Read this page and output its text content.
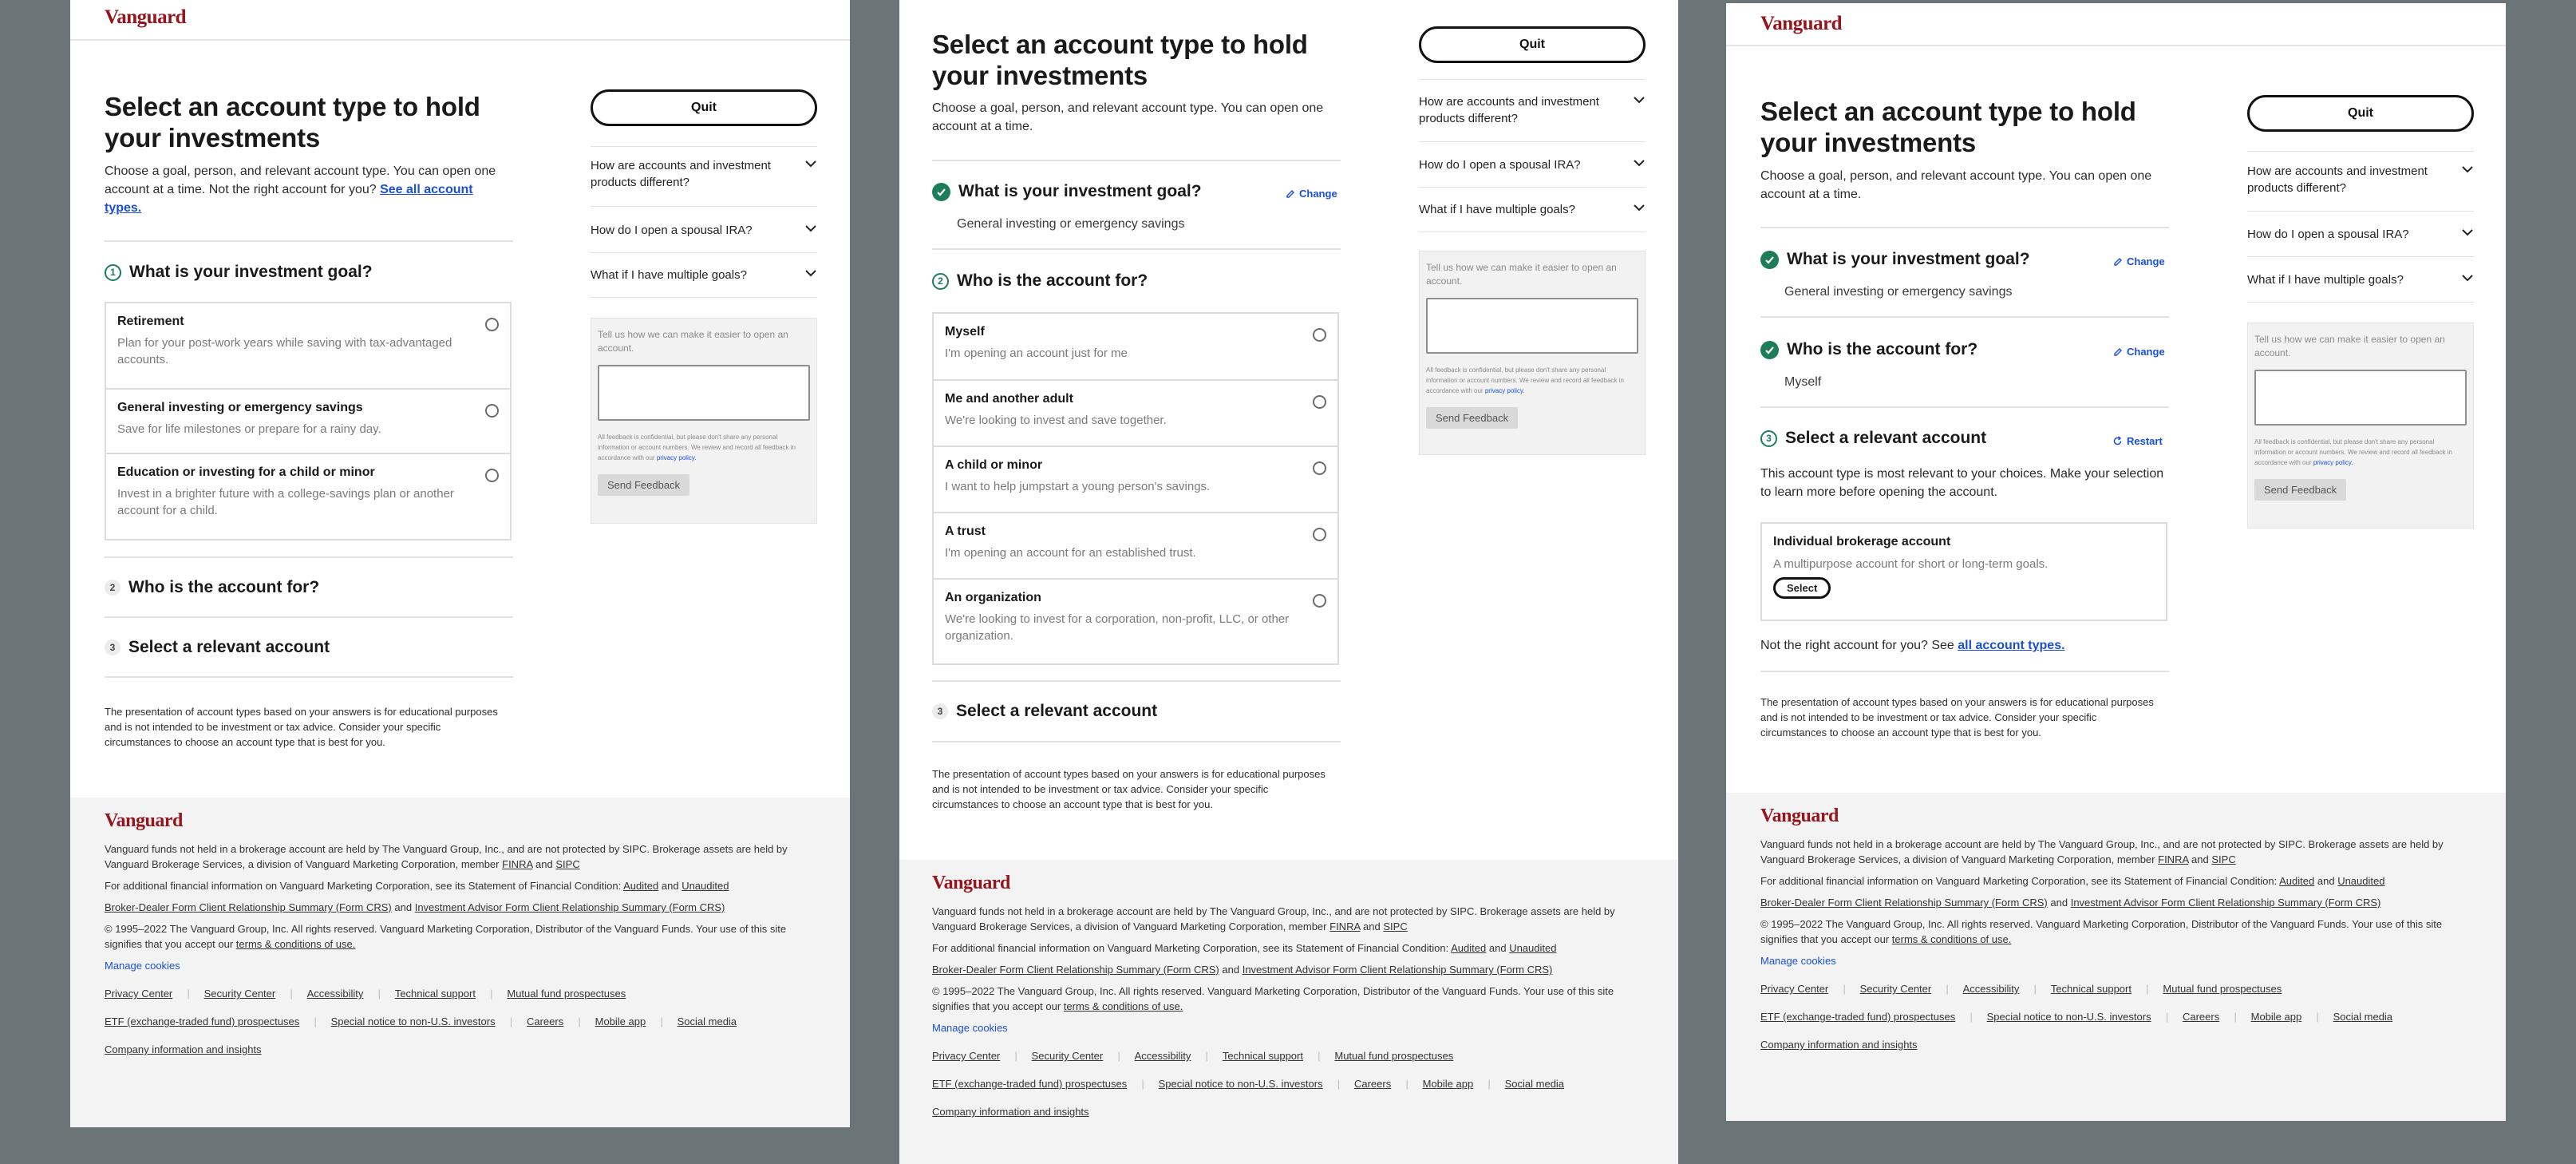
Vanguard
Select an account type to hold your investments
Choose a goal, person, and relevant account type. You can open one account at a time. Not the right account for you? See all account types.
1 What is your investment goal?
Retirement
Plan for your post-work years while saving with tax-advantaged accounts.
General investing or emergency savings
Save for life milestones or prepare for a rainy day.
Education or investing for a child or minor
Invest in a brighter future with a college-savings plan or another account for a child.
2 Who is the account for?
3 Select a relevant account
The presentation of account types based on your answers is for educational purposes and is not intended to be investment or tax advice. Consider your specific circumstances to choose an account type that is best for you.
Quit
How are accounts and investment products different?
How do I open a spousal IRA?
What if I have multiple goals?
Tell us how we can make it easier to open an account.
All feedback is confidential, but please don't share any personal information or account numbers. We review and record all feedback in accordance with our privacy policy.
Send Feedback
Vanguard
Vanguard funds not held in a brokerage account are held by The Vanguard Group, Inc., and are not protected by SIPC. Brokerage assets are held by Vanguard Brokerage Services, a division of Vanguard Marketing Corporation, member FINRA and SIPC
For additional financial information on Vanguard Marketing Corporation, see its Statement of Financial Condition: Audited and Unaudited
Broker-Dealer Form Client Relationship Summary (Form CRS) and Investment Advisor Form Client Relationship Summary (Form CRS)
© 1995–2022 The Vanguard Group, Inc. All rights reserved. Vanguard Marketing Corporation, Distributor of the Vanguard Funds. Your use of this site signifies that you accept our terms & conditions of use.
Manage cookies
Privacy Center	|	Security Center	|	Accessibility	|	Technical support	|	Mutual fund prospectuses
ETF (exchange-traded fund) prospectuses	|	Special notice to non-U.S. investors	|	Careers	|	Mobile app	|	Social media
Company information and insights
Select an account type to hold your investments
Choose a goal, person, and relevant account type. You can open one account at a time.
What is your investment goal?	Change
General investing or emergency savings
2 Who is the account for?
Myself
I'm opening an account just for me
Me and another adult
We're looking to invest and save together.
A child or minor
I want to help jumpstart a young person's savings.
A trust
I'm opening an account for an established trust.
An organization
We're looking to invest for a corporation, non-profit, LLC, or other organization.
3 Select a relevant account
The presentation of account types based on your answers is for educational purposes and is not intended to be investment or tax advice. Consider your specific circumstances to choose an account type that is best for you.
Quit
How are accounts and investment products different?
How do I open a spousal IRA?
What if I have multiple goals?
Tell us how we can make it easier to open an account.
All feedback is confidential, but please don't share any personal information or account numbers. We review and record all feedback in accordance with our privacy policy.
Send Feedback
Vanguard
Vanguard funds not held in a brokerage account are held by The Vanguard Group, Inc., and are not protected by SIPC. Brokerage assets are held by Vanguard Brokerage Services, a division of Vanguard Marketing Corporation, member FINRA and SIPC
For additional financial information on Vanguard Marketing Corporation, see its Statement of Financial Condition: Audited and Unaudited
Broker-Dealer Form Client Relationship Summary (Form CRS) and Investment Advisor Form Client Relationship Summary (Form CRS)
© 1995–2022 The Vanguard Group, Inc. All rights reserved. Vanguard Marketing Corporation, Distributor of the Vanguard Funds. Your use of this site signifies that you accept our terms & conditions of use.
Manage cookies
Privacy Center	|	Security Center	|	Accessibility	|	Technical support	|	Mutual fund prospectuses
ETF (exchange-traded fund) prospectuses	|	Special notice to non-U.S. investors	|	Careers	|	Mobile app	|	Social media
Company information and insights
Vanguard
Select an account type to hold your investments
Choose a goal, person, and relevant account type. You can open one account at a time.
What is your investment goal?	Change
General investing or emergency savings
Who is the account for?	Change
Myself
3 Select a relevant account	Restart
This account type is most relevant to your choices. Make your selection to learn more before opening the account.
Individual brokerage account
A multipurpose account for short or long-term goals.
Select
Not the right account for you? See all account types.
The presentation of account types based on your answers is for educational purposes and is not intended to be investment or tax advice. Consider your specific circumstances to choose an account type that is best for you.
Quit
How are accounts and investment products different?
How do I open a spousal IRA?
What if I have multiple goals?
Tell us how we can make it easier to open an account.
All feedback is confidential, but please don't share any personal information or account numbers. We review and record all feedback in accordance with our privacy policy.
Send Feedback
Vanguard
Vanguard funds not held in a brokerage account are held by The Vanguard Group, Inc., and are not protected by SIPC. Brokerage assets are held by Vanguard Brokerage Services, a division of Vanguard Marketing Corporation, member FINRA and SIPC
For additional financial information on Vanguard Marketing Corporation, see its Statement of Financial Condition: Audited and Unaudited
Broker-Dealer Form Client Relationship Summary (Form CRS) and Investment Advisor Form Client Relationship Summary (Form CRS)
© 1995–2022 The Vanguard Group, Inc. All rights reserved. Vanguard Marketing Corporation, Distributor of the Vanguard Funds. Your use of this site signifies that you accept our terms & conditions of use.
Manage cookies
Privacy Center	|	Security Center	|	Accessibility	|	Technical support	|	Mutual fund prospectuses
ETF (exchange-traded fund) prospectuses	|	Special notice to non-U.S. investors	|	Careers	|	Mobile app	|	Social media
Company information and insights
